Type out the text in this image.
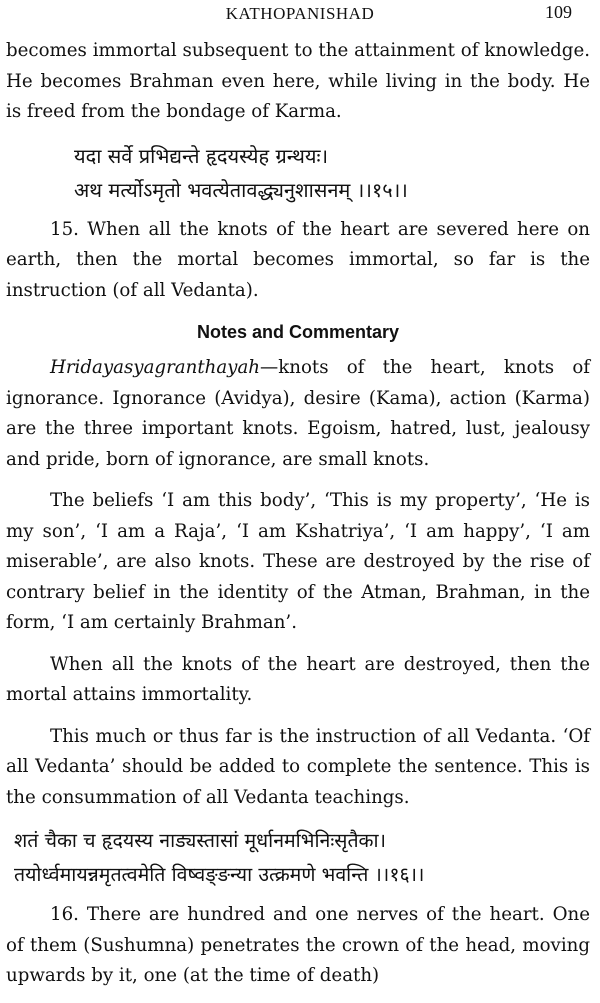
KATHOPANISHAD	109

becomes immortal subsequent to the attainment of knowledge. He becomes Brahman even here, while living in the body. He is freed from the bondage of Karma.

यदा सर्वे प्रभिद्यन्ते हृदयस्येह ग्रन्थयः।
अथ मर्त्योऽमृतो भवत्येतावद्ध्यनुशासनम् ।।१५।।

15. When all the knots of the heart are severed here on earth, then the mortal becomes immortal, so far is the instruction (of all Vedanta).

Notes and Commentary

Hridayasyagranthayah—knots of the heart, knots of ignorance. Ignorance (Avidya), desire (Kama), action (Karma) are the three important knots. Egoism, hatred, lust, jealousy and pride, born of ignorance, are small knots.

The beliefs ‘I am this body’, ‘This is my property’, ‘He is my son’, ‘I am a Raja’, ‘I am Kshatriya’, ‘I am happy’, ‘I am miserable’, are also knots. These are destroyed by the rise of contrary belief in the identity of the Atman, Brahman, in the form, ‘I am certainly Brahman’.

When all the knots of the heart are destroyed, then the mortal attains immortality.

This much or thus far is the instruction of all Vedanta. ‘Of all Vedanta’ should be added to complete the sentence. This is the consummation of all Vedanta teachings.

शतं चैका च हृदयस्य नाड्यस्तासां मूर्धानमभिनिःसृतैका।
तयोर्ध्वमायन्नमृतत्वमेति विष्वङ्ङन्या उत्क्रमणे भवन्ति ।।१६।।

16. There are hundred and one nerves of the heart. One of them (Sushumna) penetrates the crown of the head, moving upwards by it, one (at the time of death)
